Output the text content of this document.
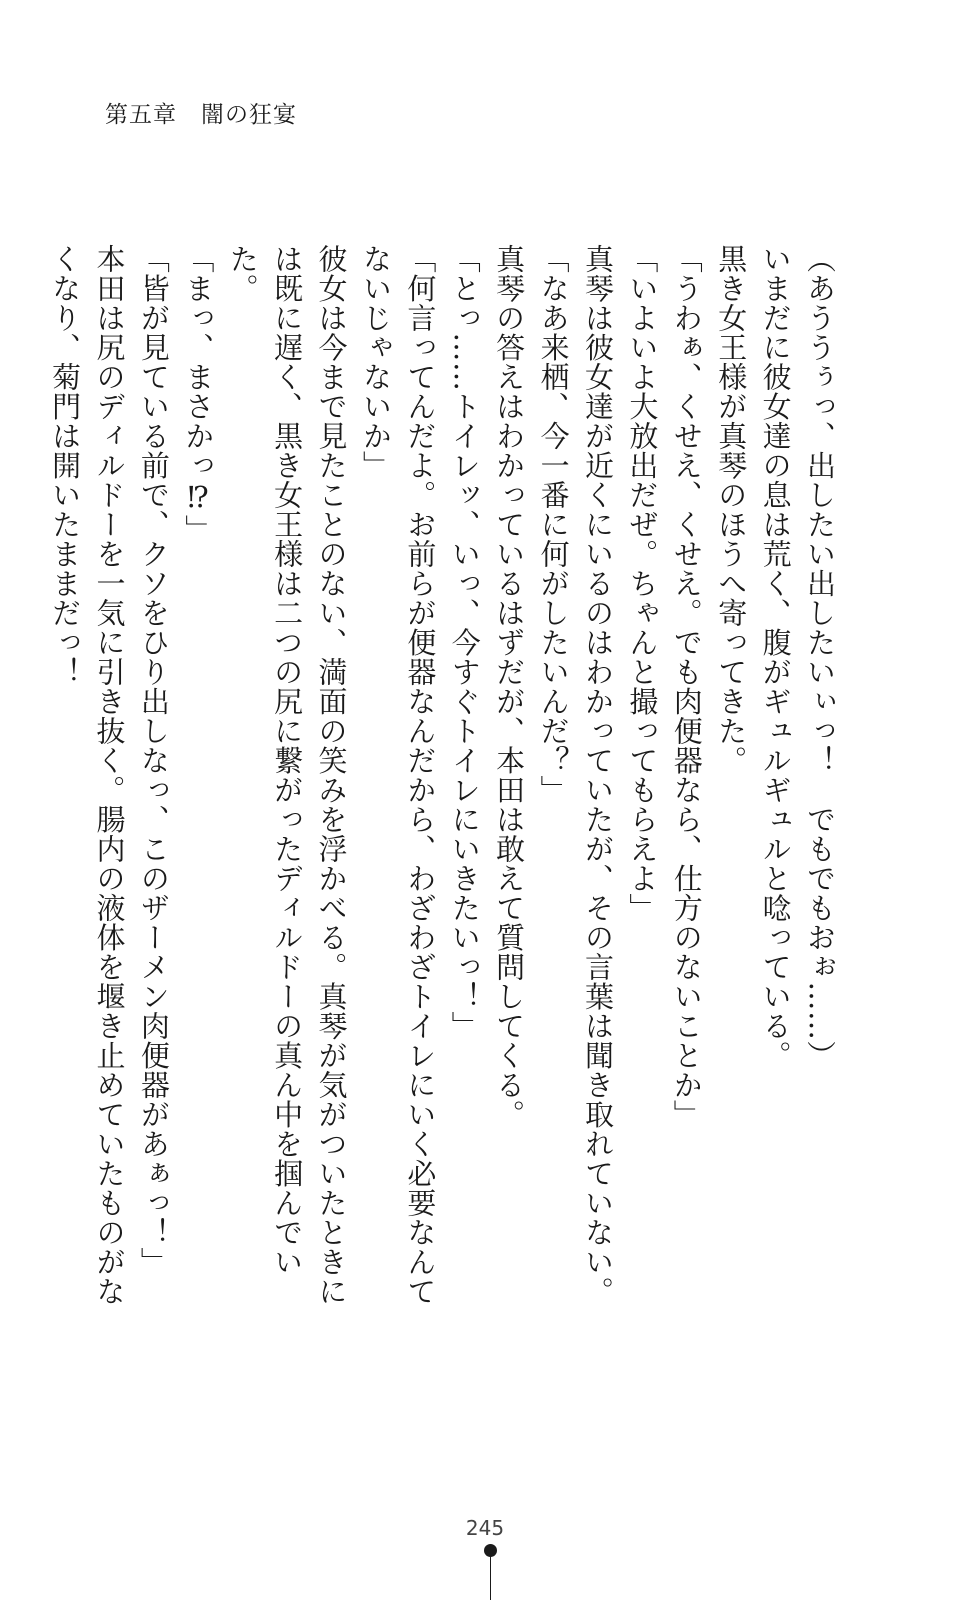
第五章　闇の狂宴

（あううぅっ、出したい出したいぃっ！　でもでもおぉ……）

いまだに彼女達の息は荒く、腹がギュルギュルと唸っている。

黒き女王様が真琴のほうへ寄ってきた。

「うわぁ、くせえ、くせえ。でも肉便器なら、仕方のないことか」

「いよいよ大放出だぜ。ちゃんと撮ってもらえよ」

真琴は彼女達が近くにいるのはわかっていたが、その言葉は聞き取れていない。

「なあ来栖、今一番に何がしたいんだ？」

真琴の答えはわかっているはずだが、本田は敢えて質問してくる。

「とっ……トイレッ、いっ、今すぐトイレにいきたいっ！」

「何言ってんだよ。お前らが便器なんだから、わざわざトイレにいく必要なんてないじゃないか」

彼女は今まで見たことのない、満面の笑みを浮かべる。真琴が気がついたときには既に遅く、黒き女王様は二つの尻に繋がったディルドーの真ん中を掴んでいた。

「まっ、まさかっ⁉」

「皆が見ている前で、クソをひり出しなっ、このザーメン肉便器があぁっ！」

本田は尻のディルドーを一気に引き抜く。腸内の液体を堰き止めていたものがなくなり、菊門は開いたままだっ！

245
